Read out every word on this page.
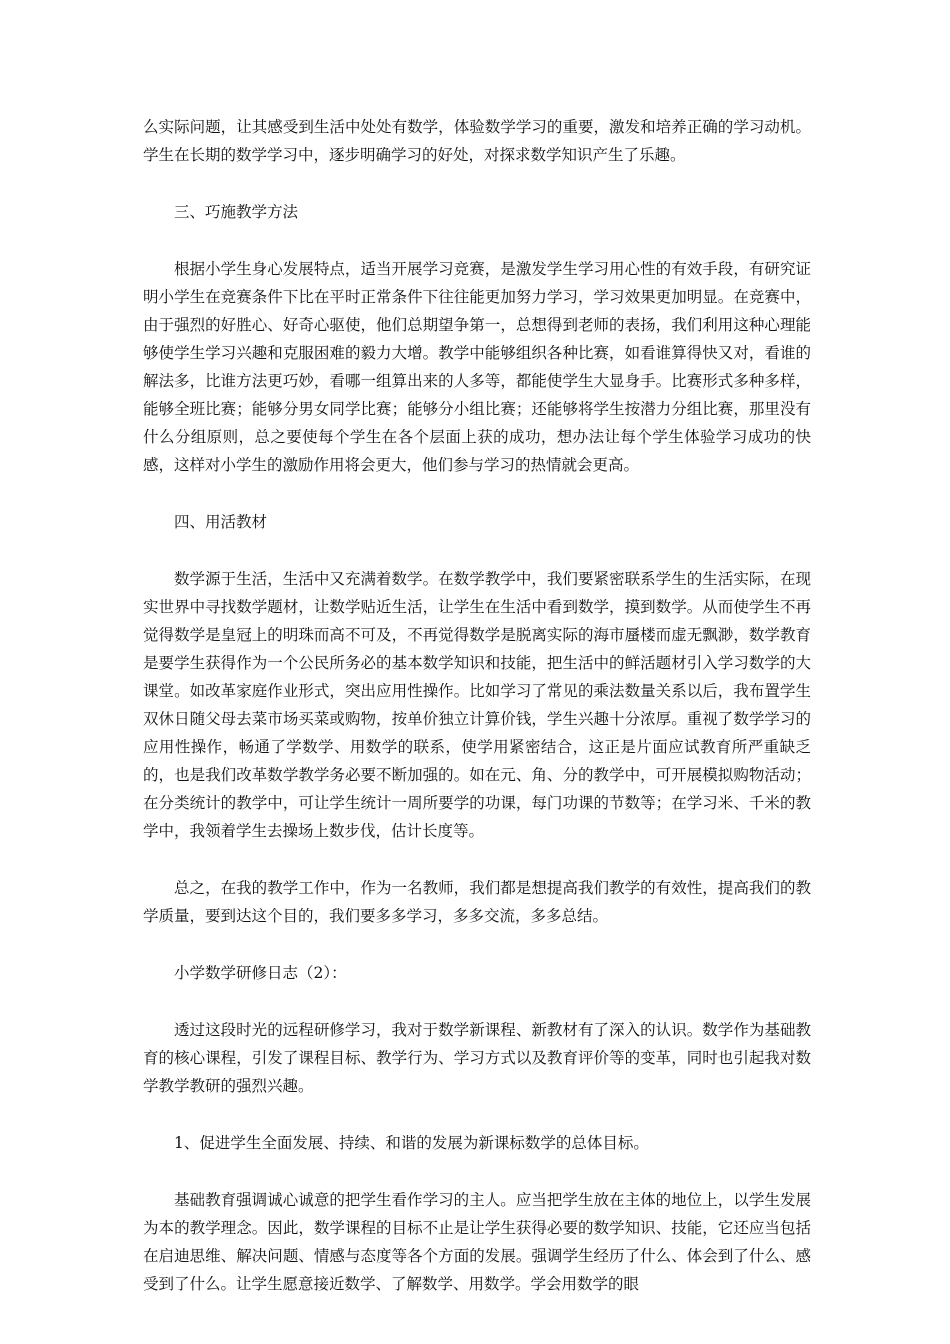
么实际问题，让其感受到生活中处处有数学，体验数学学习的重要，激发和培养正确的学习动机。学生在长期的数学学习中，逐步明确学习的好处，对探求数学知识产生了乐趣。

三、巧施教学方法

根据小学生身心发展特点，适当开展学习竞赛，是激发学生学习用心性的有效手段，有研究证明小学生在竞赛条件下比在平时正常条件下往往能更加努力学习，学习效果更加明显。在竞赛中，由于强烈的好胜心、好奇心驱使，他们总期望争第一，总想得到老师的表扬，我们利用这种心理能够使学生学习兴趣和克服困难的毅力大增。教学中能够组织各种比赛，如看谁算得快又对，看谁的解法多，比谁方法更巧妙，看哪一组算出来的人多等，都能使学生大显身手。比赛形式多种多样，能够全班比赛；能够分男女同学比赛；能够分小组比赛；还能够将学生按潜力分组比赛，那里没有什么分组原则，总之要使每个学生在各个层面上获的成功，想办法让每个学生体验学习成功的快感，这样对小学生的激励作用将会更大，他们参与学习的热情就会更高。

四、用活教材

数学源于生活，生活中又充满着数学。在数学教学中，我们要紧密联系学生的生活实际，在现实世界中寻找数学题材，让数学贴近生活，让学生在生活中看到数学，摸到数学。从而使学生不再觉得数学是皇冠上的明珠而高不可及，不再觉得数学是脱离实际的海市蜃楼而虚无飘渺，数学教育是要学生获得作为一个公民所务必的基本数学知识和技能，把生活中的鲜活题材引入学习数学的大课堂。如改革家庭作业形式，突出应用性操作。比如学习了常见的乘法数量关系以后，我布置学生双休日随父母去菜市场买菜或购物，按单价独立计算价钱，学生兴趣十分浓厚。重视了数学学习的应用性操作，畅通了学数学、用数学的联系，使学用紧密结合，这正是片面应试教育所严重缺乏的，也是我们改革数学教学务必要不断加强的。如在元、角、分的教学中，可开展模拟购物活动；在分类统计的教学中，可让学生统计一周所要学的功课，每门功课的节数等；在学习米、千米的教学中，我领着学生去操场上数步伐，估计长度等。

总之，在我的教学工作中，作为一名教师，我们都是想提高我们教学的有效性，提高我们的教学质量，要到达这个目的，我们要多多学习，多多交流，多多总结。

小学数学研修日志（2）：

透过这段时光的远程研修学习，我对于数学新课程、新教材有了深入的认识。数学作为基础教育的核心课程，引发了课程目标、教学行为、学习方式以及教育评价等的变革，同时也引起我对数学教学教研的强烈兴趣。

1、促进学生全面发展、持续、和谐的发展为新课标数学的总体目标。

基础教育强调诚心诚意的把学生看作学习的主人。应当把学生放在主体的地位上，以学生发展为本的教学理念。因此，数学课程的目标不止是让学生获得必要的数学知识、技能，它还应当包括在启迪思维、解决问题、情感与态度等各个方面的发展。强调学生经历了什么、体会到了什么、感受到了什么。让学生愿意接近数学、了解数学、用数学。学会用数学的眼
